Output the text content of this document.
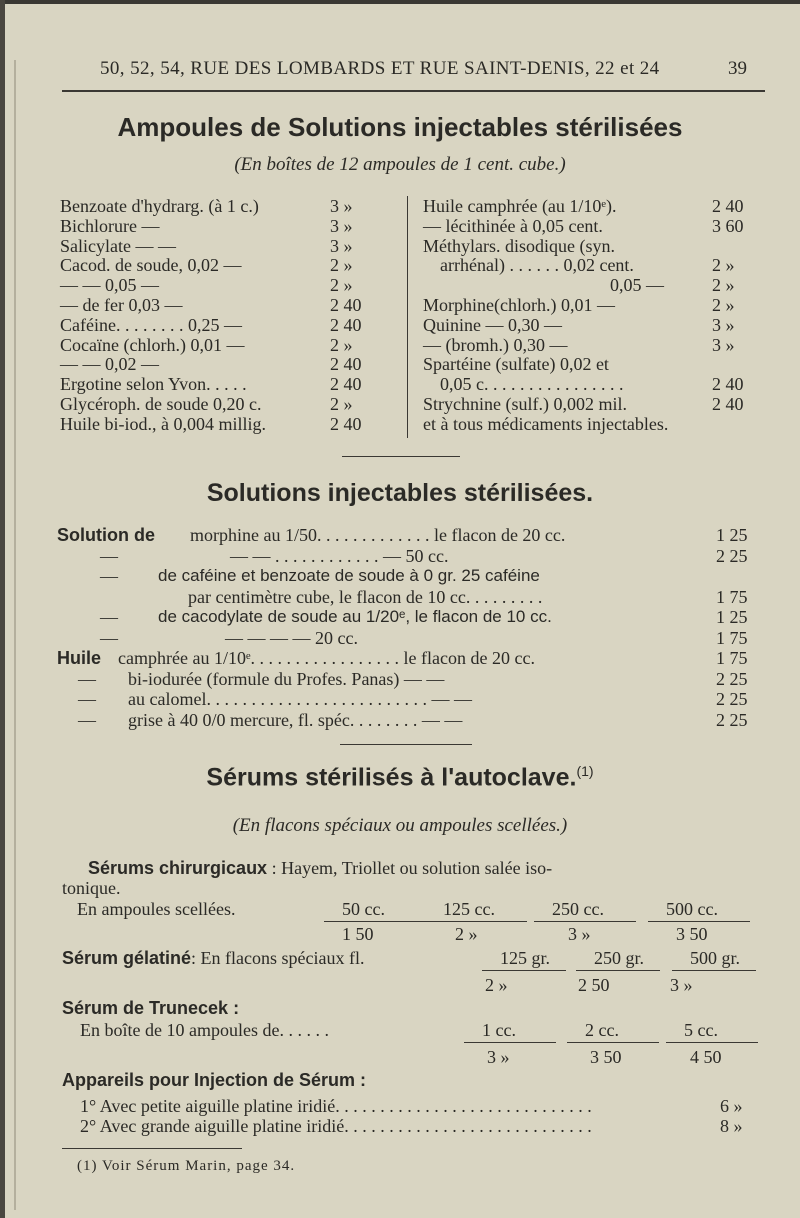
50, 52, 54, RUE DES LOMBARDS ET RUE SAINT-DENIS, 22 et 24	39
Ampoules de Solutions injectables stérilisées
(En boîtes de 12 ampoules de 1 cent. cube.)
Benzoate d'hydrarg. (à 1 c.)	3 »
Bichlorure —	3 »
Salicylate — —	3 »
Cacod. de soude, 0,02 —	2 »
— — 0,05 —	2 »
— de fer 0,03 —	2 40
Caféine. . . . . . . . 0,25 —	2 40
Cocaïne (chlorh.) 0,01 —	2 »
— — 0,02 —	2 40
Ergotine selon Yvon. . . . .	2 40
Glycéroph. de soude 0,20 c.	2 »
Huile bi-iod., à 0,004 millig.	2 40
Huile camphrée (au 1/10ᵉ).	2 40
— lécithinée à 0,05 cent.	3 60
Méthylars. disodique (syn.
arrhénal) . . . . . . 0,02 cent.	2 »
0,05 —	2 »
Morphine(chlorh.) 0,01 —	2 »
Quinine — 0,30 —	3 »
— (bromh.) 0,30 —	3 »
Spartéine (sulfate) 0,02 et
0,05 c. . . . . . . . . . . . . . . .	2 40
Strychnine (sulf.) 0,002 mil.	2 40
et à tous médicaments injectables.
Solutions injectables stérilisées.
Solution de morphine au 1/50. . . . . . . . . . . . . le flacon de 20 cc.	1 25
—	— — . . . . . . . . . . . . — 50 cc.	2 25
— de caféine et benzoate de soude à 0 gr. 25 caféine
par centimètre cube, le flacon de 10 cc. . . . . . . . .	1 75
— de cacodylate de soude au 1/20ᵉ, le flacon de 10 cc.	1 25
—	— — — — 20 cc.	1 75
Huile camphrée au 1/10ᵉ. . . . . . . . . . . . . . . . . le flacon de 20 cc.	1 75
— bi-iodurée (formule du Profes. Panas) — —	2 25
— au calomel. . . . . . . . . . . . . . . . . . . . . . . . . — —	2 25
— grise à 40 0/0 mercure, fl. spéc. . . . . . . . — —	2 25
Sérums stérilisés à l'autoclave.$^{(1)}$
(En flacons spéciaux ou ampoules scellées.)
Sérums chirurgicaux : Hayem, Triollet ou solution salée iso-
tonique.
En ampoules scellées.	50 cc.	125 cc.	250 cc.	500 cc.
1 50	2 »	3 »	3 50
Sérum gélatiné: En flacons spéciaux fl.	125 gr. 250 gr.	500 gr.
2 »	2 50	3 »
Sérum de Trunecek :
En boîte de 10 ampoules de. . . . . .	1 cc.	2 cc.	5 cc.
3 »	3 50	4 50
Appareils pour Injection de Sérum :
1° Avec petite aiguille platine iridié. . . . . . . . . . . . . . . . . . . . . . . . . . . . .	6 »
2° Avec grande aiguille platine iridié. . . . . . . . . . . . . . . . . . . . . . . . . . . .	8 »
(1) Voir Sérum Marin, page 34.
